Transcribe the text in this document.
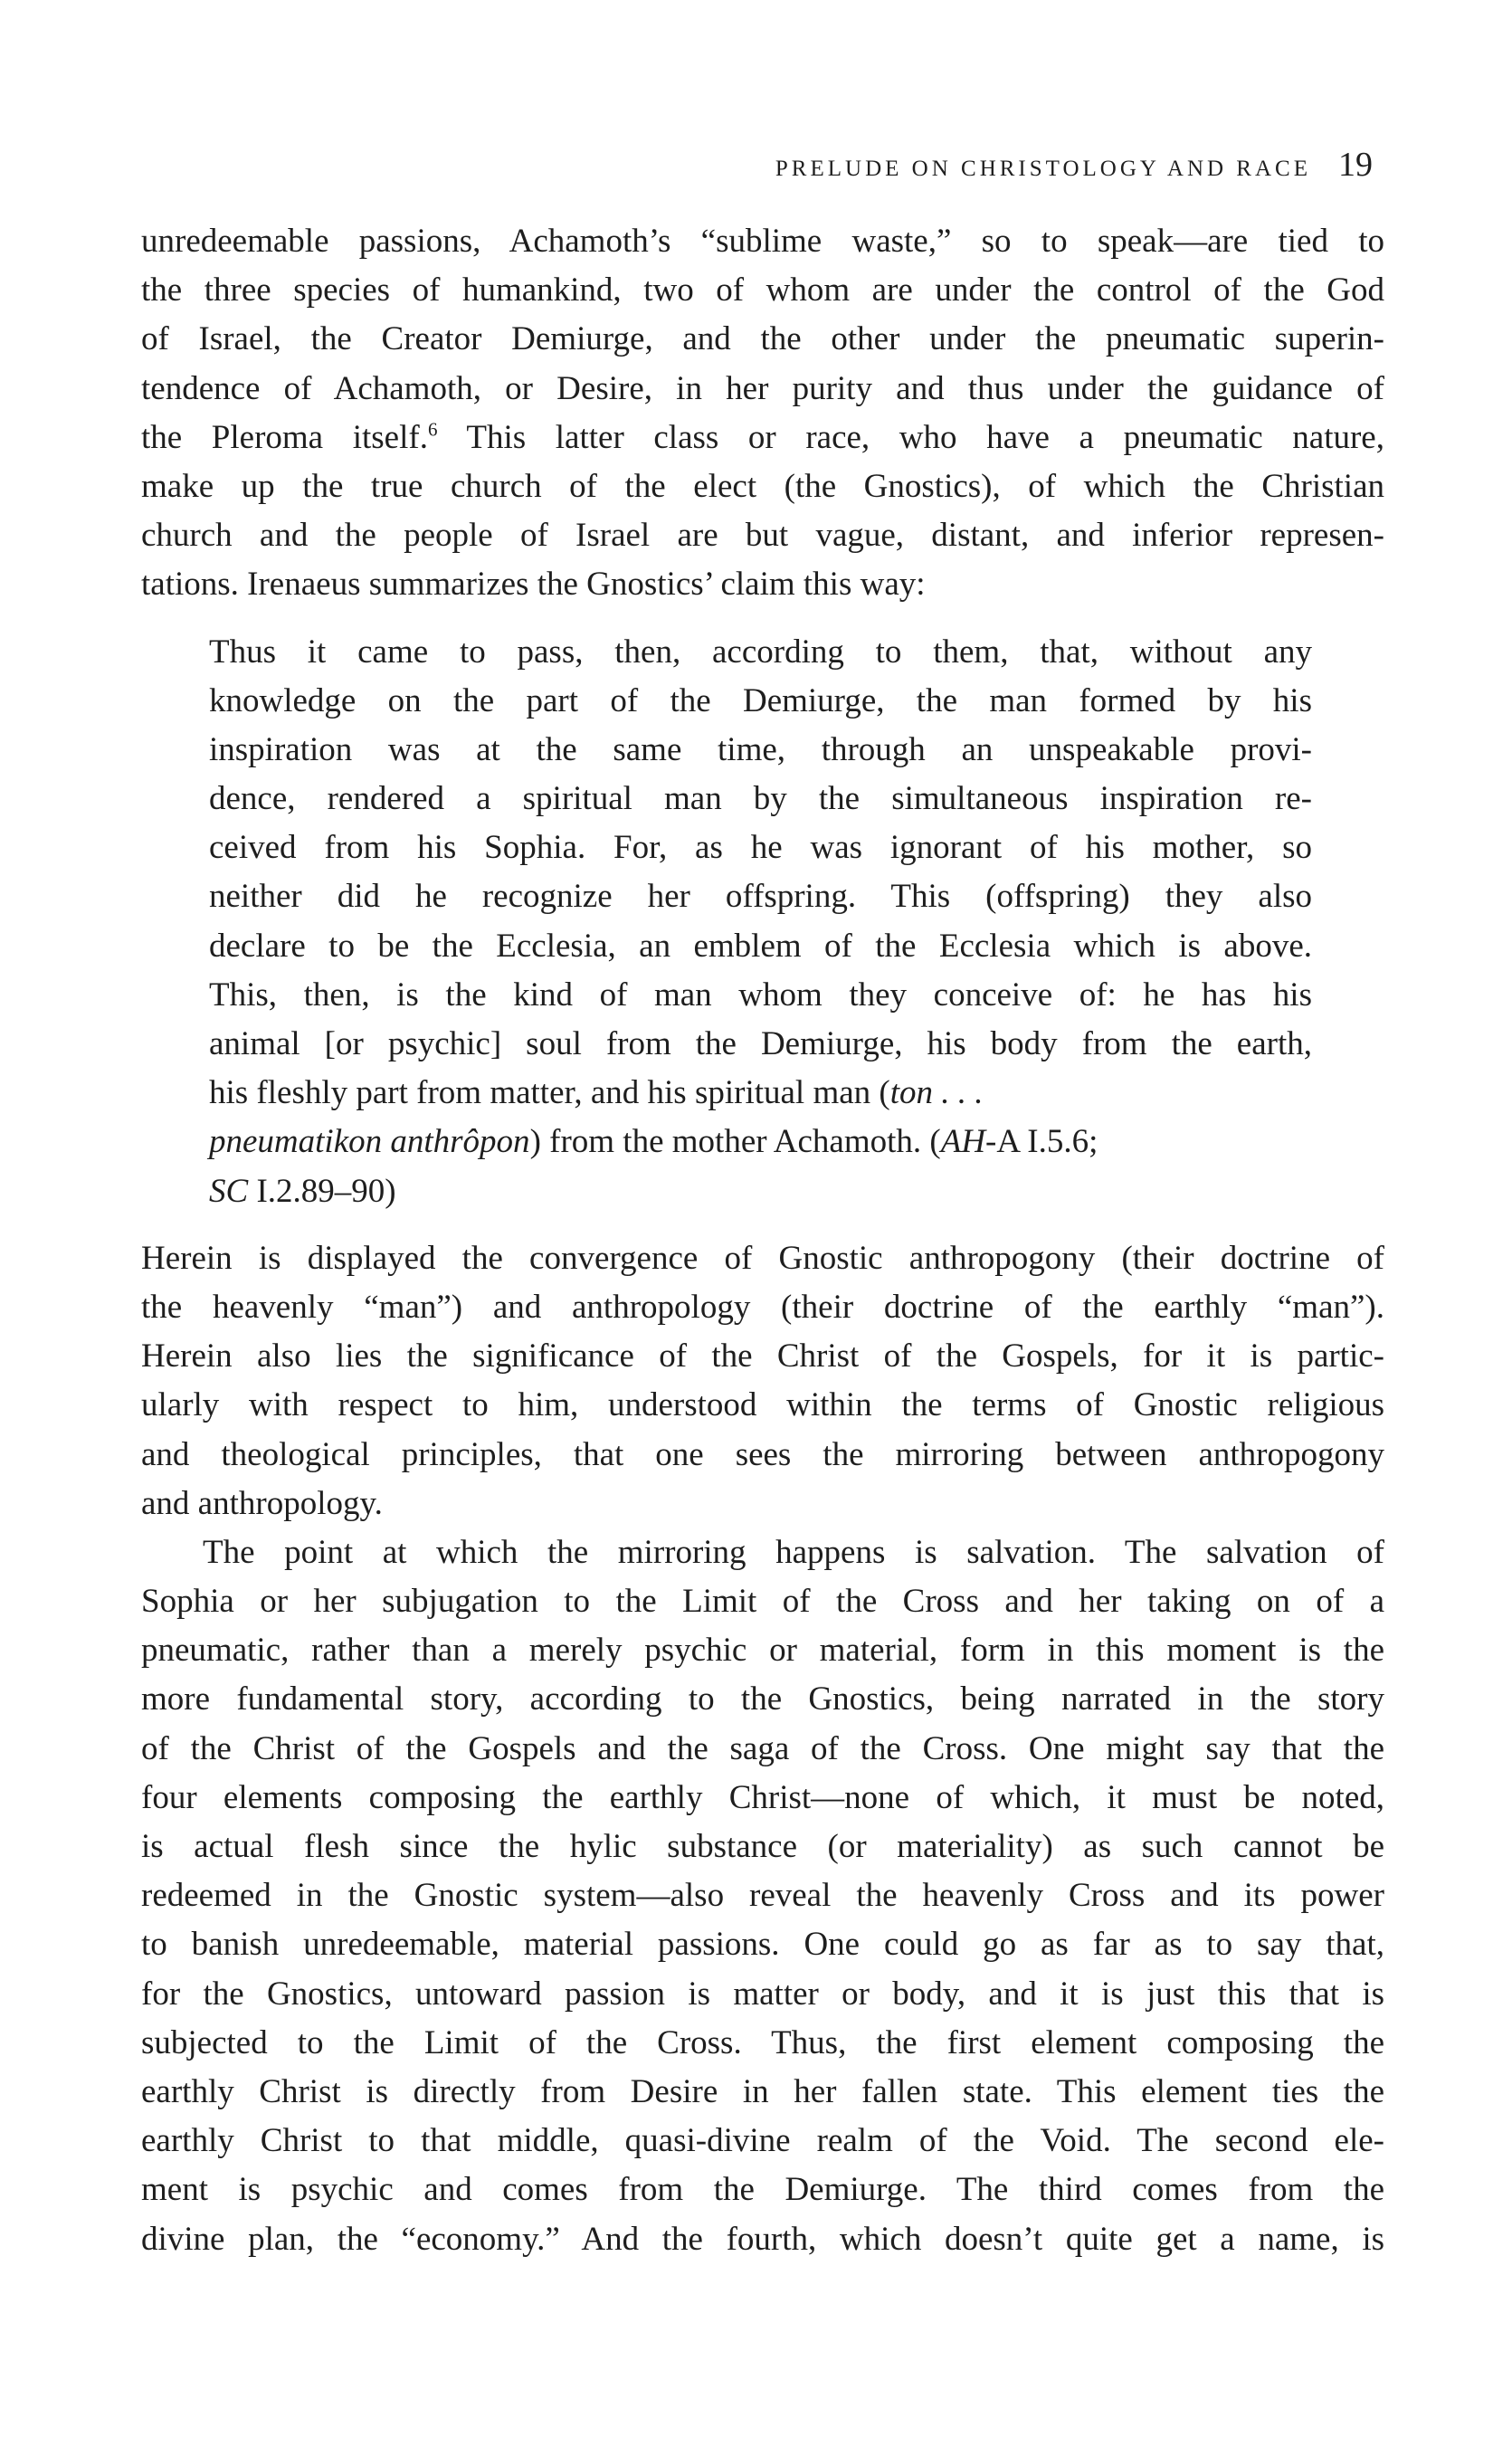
PRELUDE ON CHRISTOLOGY AND RACE 19
unredeemable passions, Achamoth’s “sublime waste,” so to speak—are tied to
the three species of humankind, two of whom are under the control of the God
of Israel, the Creator Demiurge, and the other under the pneumatic superin-
tendence of Achamoth, or Desire, in her purity and thus under the guidance of
the Pleroma itself.$^6$ This latter class or race, who have a pneumatic nature,
make up the true church of the elect (the Gnostics), of which the Christian
church and the people of Israel are but vague, distant, and inferior represen-
tations. Irenaeus summarizes the Gnostics’ claim this way:
Thus it came to pass, then, according to them, that, without any
knowledge on the part of the Demiurge, the man formed by his
inspiration was at the same time, through an unspeakable provi-
dence, rendered a spiritual man by the simultaneous inspiration re-
ceived from his Sophia. For, as he was ignorant of his mother, so
neither did he recognize her offspring. This (offspring) they also
declare to be the Ecclesia, an emblem of the Ecclesia which is above.
This, then, is the kind of man whom they conceive of: he has his
animal [or psychic] soul from the Demiurge, his body from the earth,
his fleshly part from matter, and his spiritual man (ton . . .
pneumatikon anthrôpon) from the mother Achamoth. (AH-A I.5.6;
SC I.2.89–90)
Herein is displayed the convergence of Gnostic anthropogony (their doctrine of
the heavenly “man”) and anthropology (their doctrine of the earthly “man”).
Herein also lies the significance of the Christ of the Gospels, for it is partic-
ularly with respect to him, understood within the terms of Gnostic religious
and theological principles, that one sees the mirroring between anthropogony
and anthropology.
The point at which the mirroring happens is salvation. The salvation of
Sophia or her subjugation to the Limit of the Cross and her taking on of a
pneumatic, rather than a merely psychic or material, form in this moment is the
more fundamental story, according to the Gnostics, being narrated in the story
of the Christ of the Gospels and the saga of the Cross. One might say that the
four elements composing the earthly Christ—none of which, it must be noted,
is actual flesh since the hylic substance (or materiality) as such cannot be
redeemed in the Gnostic system—also reveal the heavenly Cross and its power
to banish unredeemable, material passions. One could go as far as to say that,
for the Gnostics, untoward passion is matter or body, and it is just this that is
subjected to the Limit of the Cross. Thus, the first element composing the
earthly Christ is directly from Desire in her fallen state. This element ties the
earthly Christ to that middle, quasi-divine realm of the Void. The second ele-
ment is psychic and comes from the Demiurge. The third comes from the
divine plan, the “economy.” And the fourth, which doesn’t quite get a name, is
